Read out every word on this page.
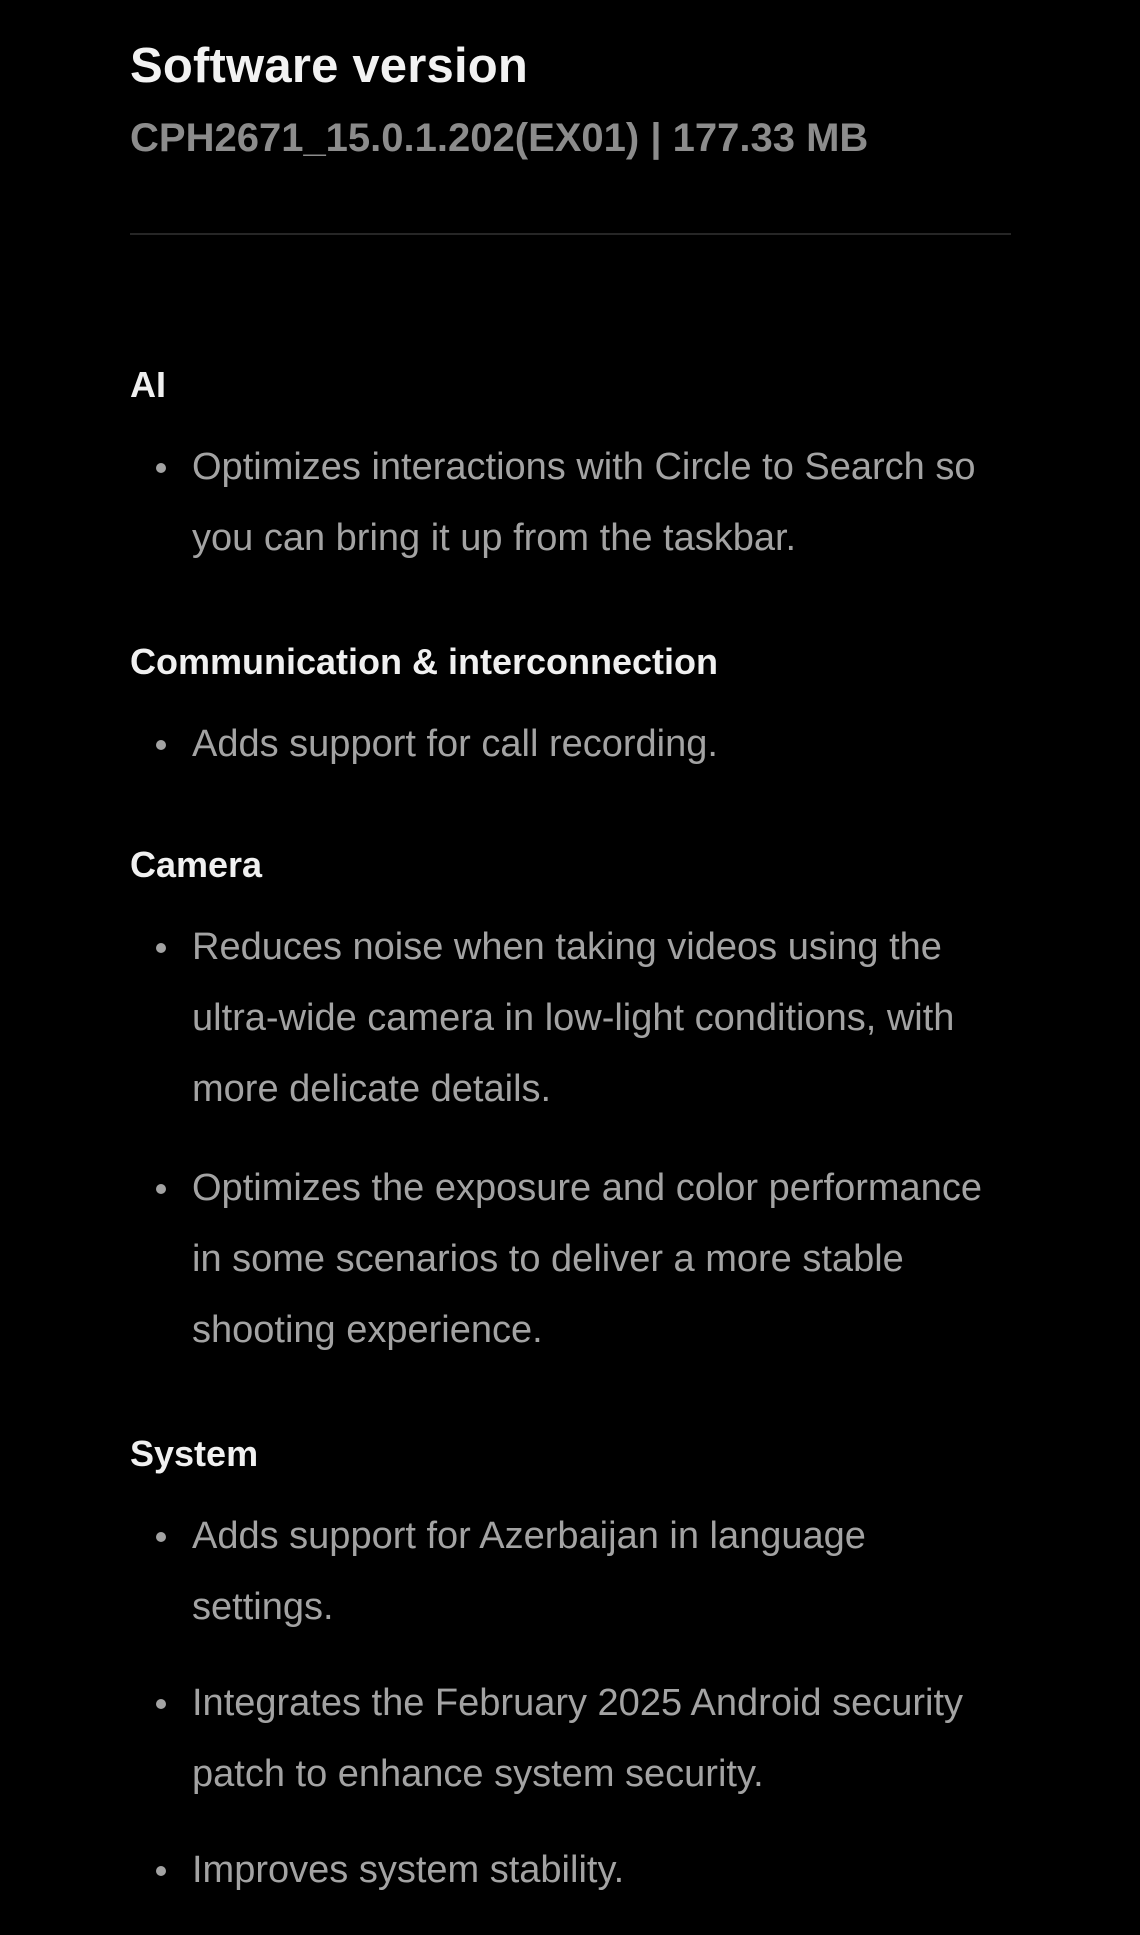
Software version
CPH2671_15.0.1.202(EX01) | 177.33 MB
AI
Optimizes interactions with Circle to Search so you can bring it up from the taskbar.
Communication & interconnection
Adds support for call recording.
Camera
Reduces noise when taking videos using the ultra-wide camera in low-light conditions, with more delicate details.
Optimizes the exposure and color performance in some scenarios to deliver a more stable shooting experience.
System
Adds support for Azerbaijan in language settings.
Integrates the February 2025 Android security patch to enhance system security.
Improves system stability.
